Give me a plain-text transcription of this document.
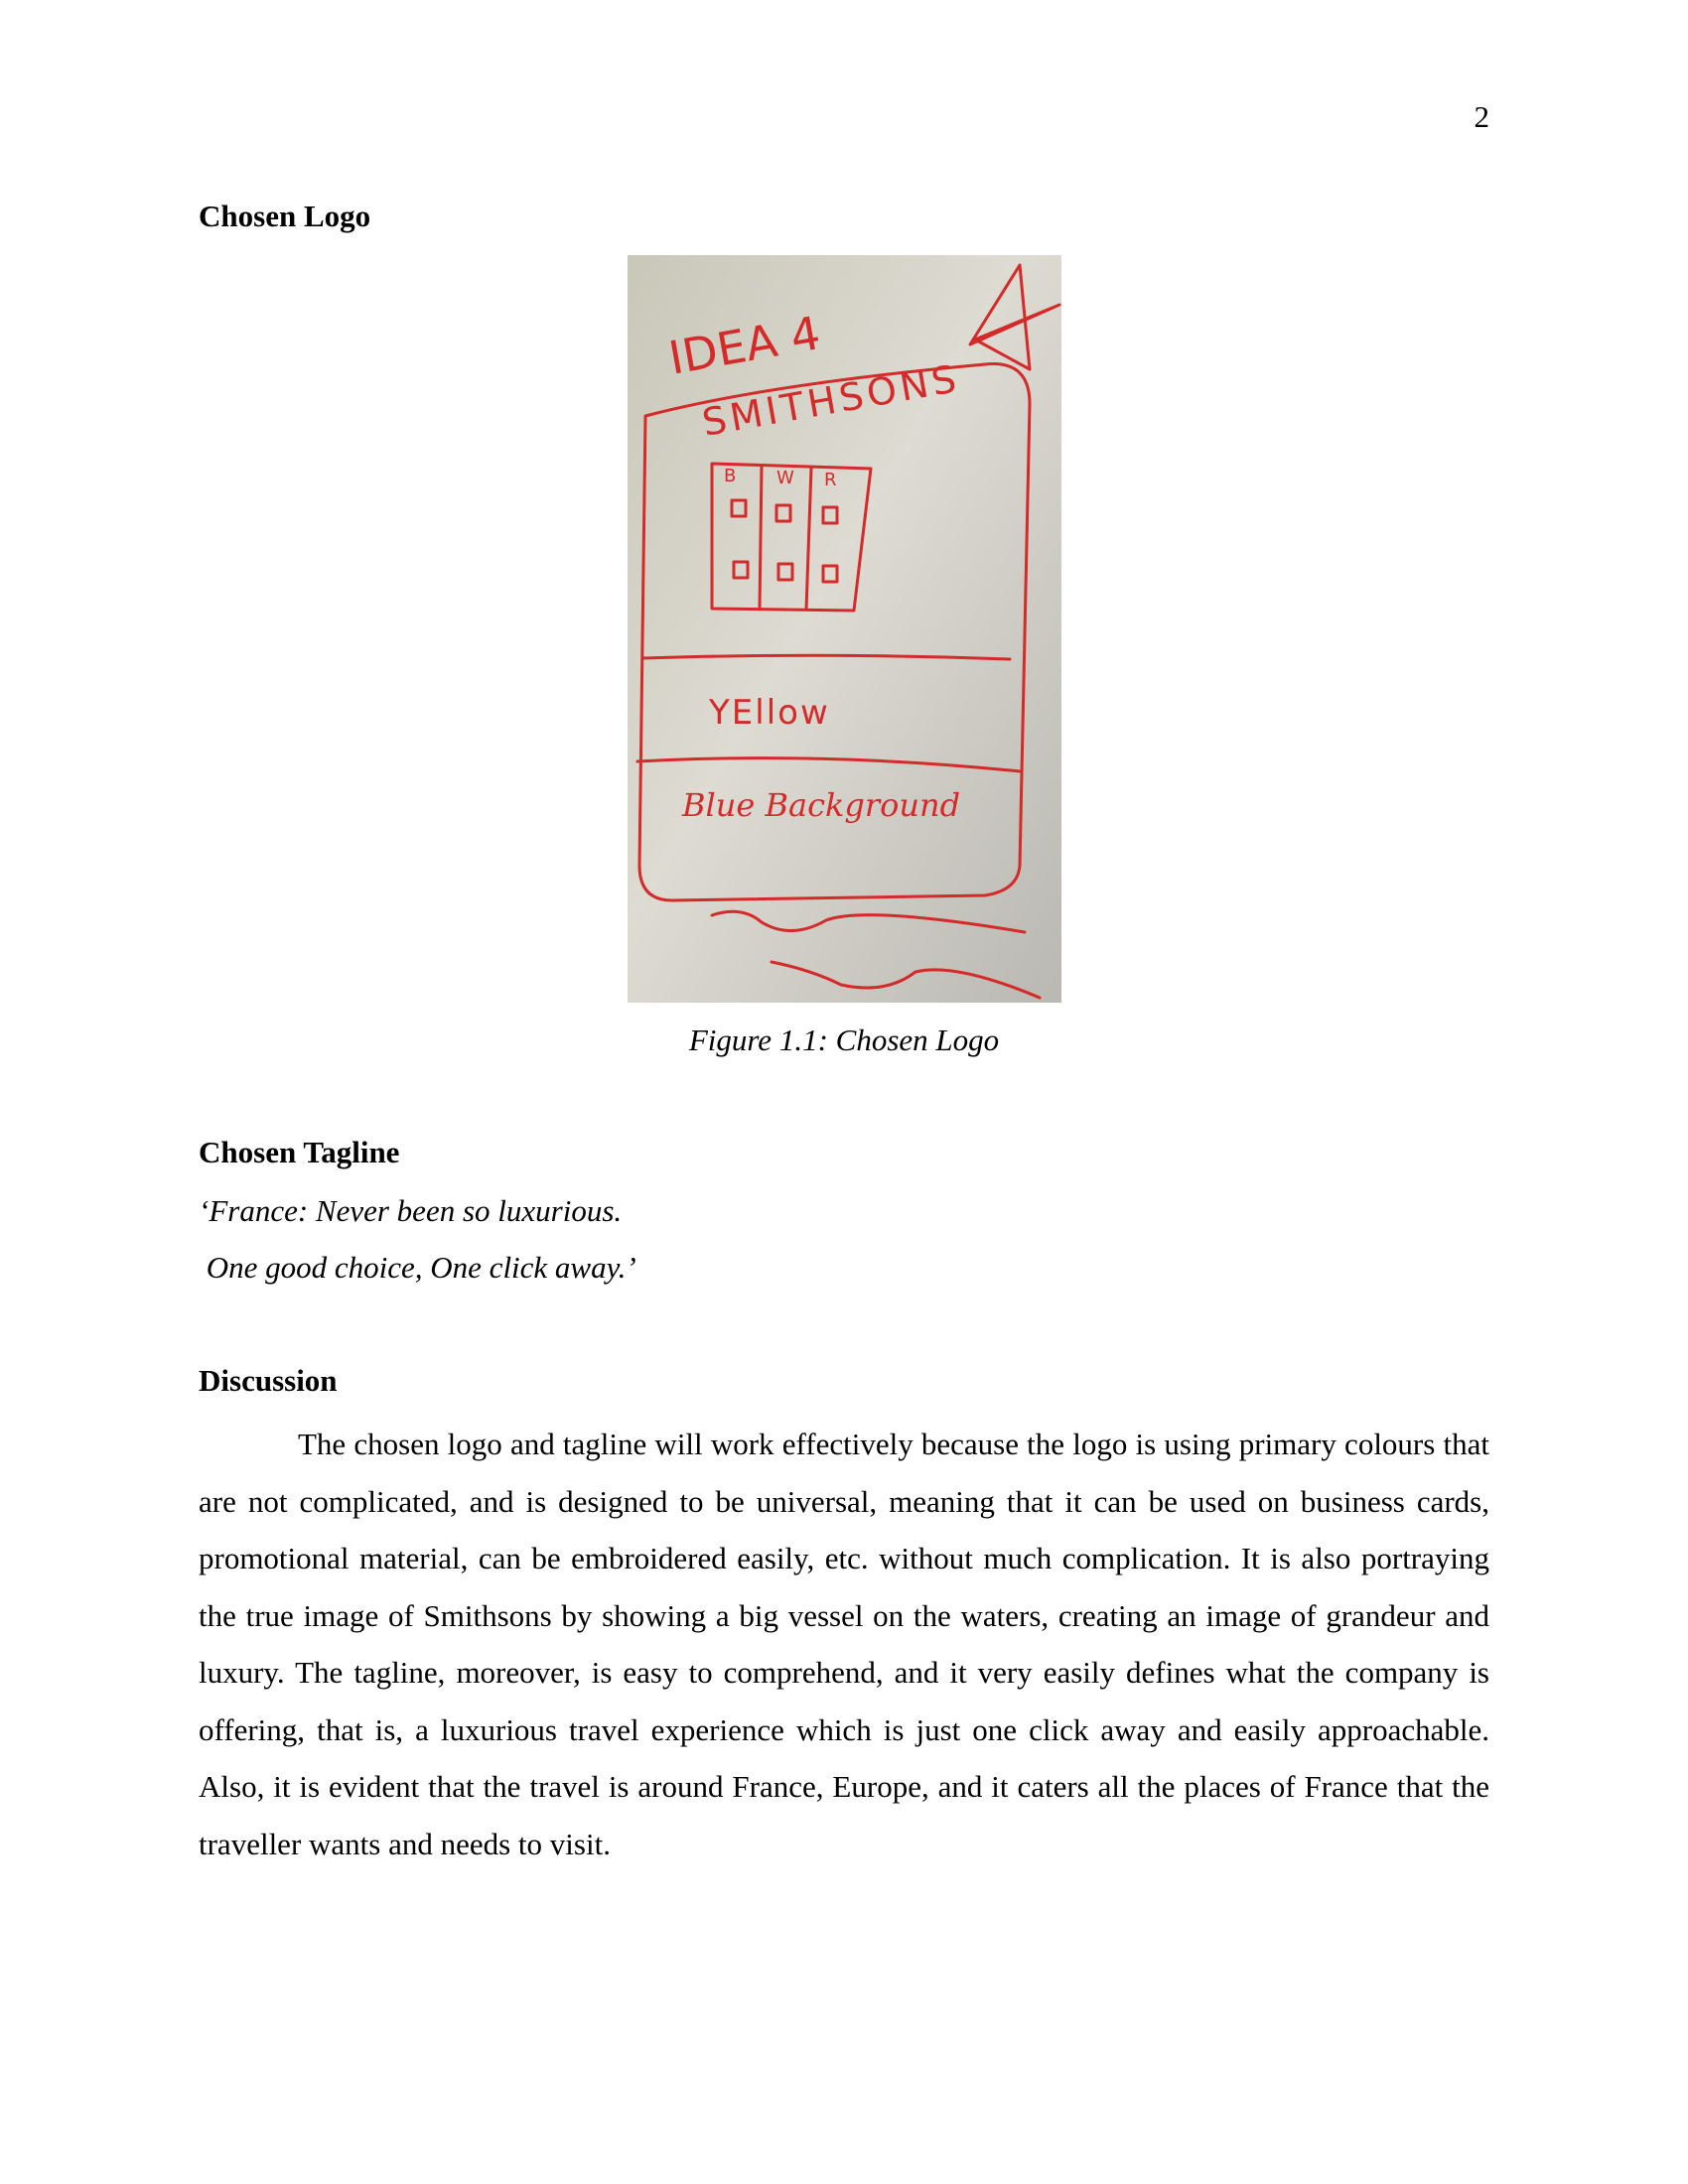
2
Chosen Logo
IDEA 4
SMITHSONS
B W R
YEllow
Blue Background
Figure 1.1: Chosen Logo
Chosen Tagline
‘France: Never been so luxurious.
One good choice, One click away.’
Discussion

The chosen logo and tagline will work effectively because the logo is using primary colours that are not complicated, and is designed to be universal, meaning that it can be used on business cards, promotional material, can be embroidered easily, etc. without much complication. It is also portraying the true image of Smithsons by showing a big vessel on the waters, creating an image of grandeur and luxury. The tagline, moreover, is easy to comprehend, and it very easily defines what the company is offering, that is, a luxurious travel experience which is just one click away and easily approachable. Also, it is evident that the travel is around France, Europe, and it caters all the places of France that the traveller wants and needs to visit.
